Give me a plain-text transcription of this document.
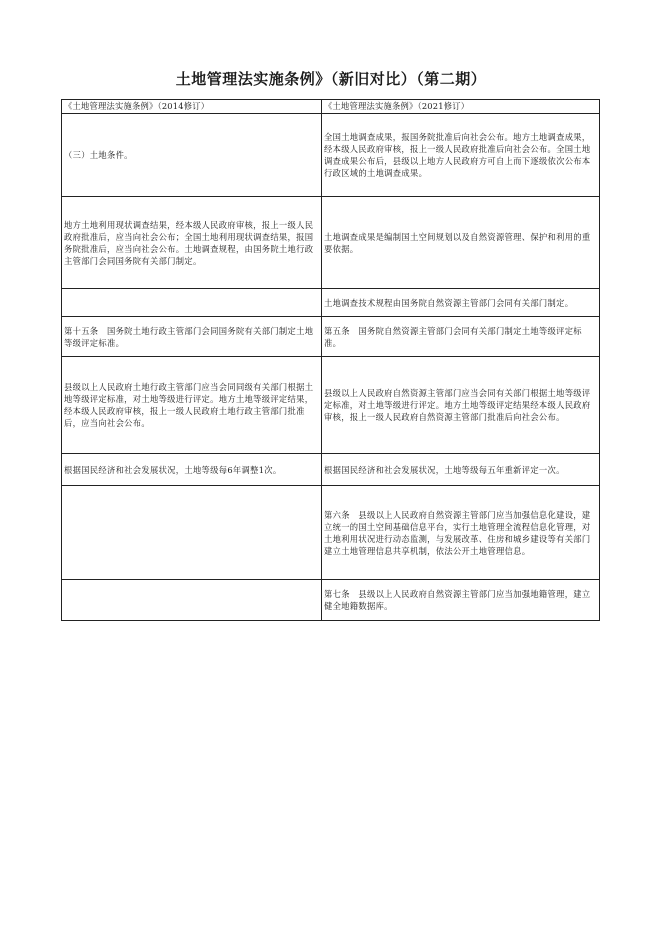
土地管理法实施条例》（新旧对比）（第二期）
《土地管理法实施条例》（2014修订）	《土地管理法实施条例》（2021修订）
（三）土地条件。	全国土地调查成果，报国务院批准后向社会公布。地方土地调查成果，经本级人民政府审核，报上一级人民政府批准后向社会公布。全国土地调查成果公布后，县级以上地方人民政府方可自上而下逐级依次公布本行政区域的土地调查成果。
地方土地利用现状调查结果，经本级人民政府审核，报上一级人民政府批准后，应当向社会公布；全国土地利用现状调查结果，报国务院批准后，应当向社会公布。土地调查规程，由国务院土地行政主管部门会同国务院有关部门制定。	土地调查成果是编制国土空间规划以及自然资源管理、保护和利用的重要依据。
	土地调查技术规程由国务院自然资源主管部门会同有关部门制定。
第十五条　国务院土地行政主管部门会同国务院有关部门制定土地等级评定标准。	第五条　国务院自然资源主管部门会同有关部门制定土地等级评定标准。
县级以上人民政府土地行政主管部门应当会同同级有关部门根据土地等级评定标准，对土地等级进行评定。地方土地等级评定结果，经本级人民政府审核，报上一级人民政府土地行政主管部门批准后，应当向社会公布。	县级以上人民政府自然资源主管部门应当会同有关部门根据土地等级评定标准，对土地等级进行评定。地方土地等级评定结果经本级人民政府审核，报上一级人民政府自然资源主管部门批准后向社会公布。
根据国民经济和社会发展状况，土地等级每6年调整1次。	根据国民经济和社会发展状况，土地等级每五年重新评定一次。
	第六条　县级以上人民政府自然资源主管部门应当加强信息化建设，建立统一的国土空间基础信息平台，实行土地管理全流程信息化管理，对土地利用状况进行动态监测，与发展改革、住房和城乡建设等有关部门建立土地管理信息共享机制，依法公开土地管理信息。
	第七条　县级以上人民政府自然资源主管部门应当加强地籍管理，建立健全地籍数据库。
